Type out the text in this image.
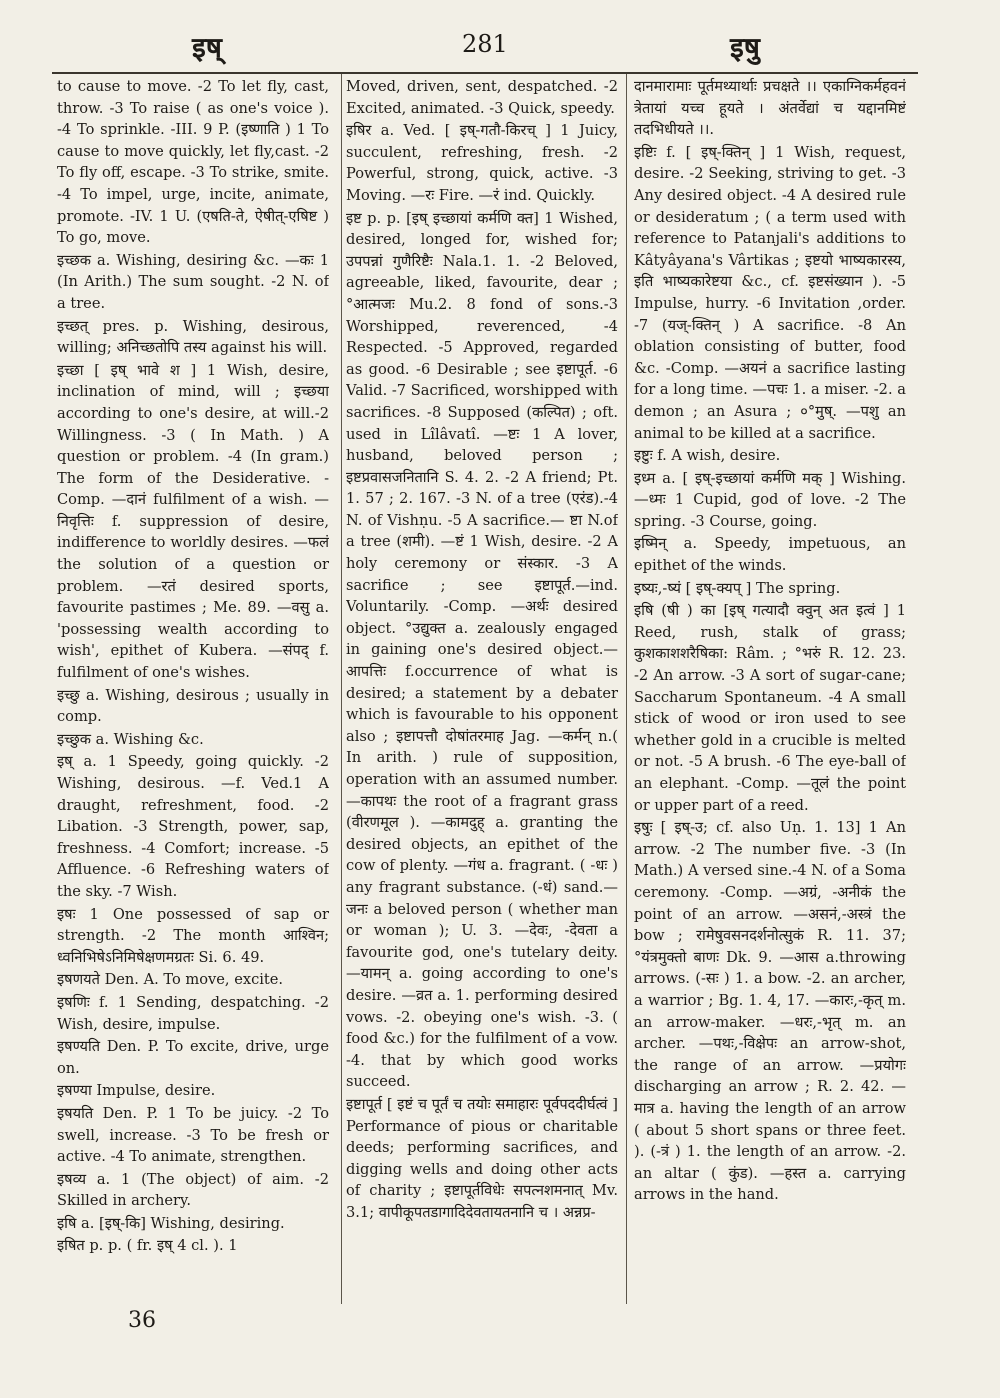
इष्	281	इषु

to cause to move. -2 To let fly, cast, throw. -3 To raise ( as one's voice ). -4 To sprinkle. -III. 9 P. (इष्णाति ) 1 To cause to move quickly, let fly,cast. -2 To fly off, escape. -3 To strike, smite. -4 To impel, urge, incite, animate, promote. -IV. 1 U. (एषति-ते, ऐषीत्-एषिष्ट ) To go, move.

इच्छक a. Wishing, desiring &c. —कः 1 (In Arith.) The sum sought. -2 N. of a tree.

इच्छत् pres. p. Wishing, desirous, willing; अनिच्छतोपि तस्य against his will.

इच्छा [ इष् भावे श ] 1 Wish, desire, inclination of mind, will ; इच्छया according to one's desire, at will.-2 Willingness. -3 ( In Math. ) A question or problem. -4 (In gram.) The form of the Desiderative. -Comp. —दानं fulfilment of a wish. —निवृत्तिः f. suppression of desire, indifference to worldly desires. —फलं the solution of a question or problem. —रतं desired sports, favourite pastimes ; Me. 89. —वसु a. 'possessing wealth according to wish', epithet of Kubera. —संपद् f. fulfilment of one's wishes.

इच्छु a. Wishing, desirous ; usually in comp.

इच्छुक a. Wishing &c.

इष् a. 1 Speedy, going quickly. -2 Wishing, desirous. —f. Ved.1 A draught, refreshment, food. -2 Libation. -3 Strength, power, sap, freshness. -4 Comfort; increase. -5 Affluence. -6 Refreshing waters of the sky. -7 Wish.

इषः 1 One possessed of sap or strength. -2 The month आश्विन; ध्वनिभिषेऽनिमिषेक्षणमग्रतः Si. 6. 49.

इषणयते Den. A. To move, excite.

इषणिः f. 1 Sending, despatching. -2 Wish, desire, impulse.

इषण्यति Den. P. To excite, drive, urge on.

इषण्या Impulse, desire.

इषयति Den. P. 1 To be juicy. -2 To swell, increase. -3 To be fresh or active. -4 To animate, strengthen.

इषव्य a. 1 (The object) of aim. -2 Skilled in archery.

इषि a. [इष्-कि] Wishing, desiring.

इषित p. p. ( fr. इष् 4 cl. ). 1

Moved, driven, sent, despatched. -2 Excited, animated. -3 Quick, speedy.

इषिर a. Ved. [ इष्-गतौ-किरच् ] 1 Juicy, succulent, refreshing, fresh. -2 Powerful, strong, quick, active. -3 Moving. —रः Fire. —रं ind. Quickly.

इष्ट p. p. [इष् इच्छायां कर्मणि क्त] 1 Wished, desired, longed for, wished for; उपपन्नां गुणैरिष्टैः Nala.1. 1. -2 Beloved, agreeable, liked, favourite, dear ; °आत्मजः Mu.2. 8 fond of sons.-3 Worshipped, reverenced, -4 Respected. -5 Approved, regarded as good. -6 Desirable ; see इष्टापूर्त. -6 Valid. -7 Sacrificed, worshipped with sacrifices. -8 Supposed (कल्पित) ; oft. used in Lîlâvatî. —ष्टः 1 A lover, husband, beloved person ; इष्टप्रवासजनितानि S. 4. 2. -2 A friend; Pt. 1. 57 ; 2. 167. -3 N. of a tree (एरंड).-4 N. of Vishṇu. -5 A sacrifice.— ष्टा N.of a tree (शमी). —ष्टं 1 Wish, desire. -2 A holy ceremony or संस्कार. -3 A sacrifice ; see इष्टापूर्त.—ind. Voluntarily. -Comp. —अर्थः desired object. °उद्युक्त a. zealously engaged in gaining one's desired object.—आपत्तिः f.occurrence of what is desired; a statement by a debater which is favourable to his opponent also ; इष्टापत्तौ दोषांतरमाह Jag. —कर्मन् n.( In arith. ) rule of supposition, operation with an assumed number. —कापथः the root of a fragrant grass (वीरणमूल ). —कामदुह् a. granting the desired objects, an epithet of the cow of plenty. —गंध a. fragrant. ( -धः ) any fragrant substance. (-धं) sand.—जनः a beloved person ( whether man or woman ); U. 3. —देवः, -देवता a favourite god, one's tutelary deity. —यामन् a. going according to one's desire. —व्रत a. 1. performing desired vows. -2. obeying one's wish. -3. ( food &c.) for the fulfilment of a vow. -4. that by which good works succeed.

इष्टापूर्त [ इष्टं च पूर्तं च तयोः समाहारः पूर्वपददीर्घत्वं ] Performance of pious or charitable deeds; performing sacrifices, and digging wells and doing other acts of charity ; इष्टापूर्तविधेः सपत्नशमनात् Mv. 3.1; वापीकूपतडागादिदेवतायतनानि च । अन्नप्र-

दानमारामाः पूर्तमथ्यार्थाः प्रचक्षते ।। एकाग्निकर्महवनं त्रेतायां यच्च हूयते । अंतर्वेद्यां च यद्दानमिष्टं तदभिधीयते ।।.

इष्टिः f. [ इष्-क्तिन् ] 1 Wish, request, desire. -2 Seeking, striving to get. -3 Any desired object. -4 A desired rule or desideratum ; ( a term used with reference to Patanjali's additions to Kâtyâyana's Vârtikas ; इष्टयो भाष्यकारस्य, इति भाष्यकारेष्टया &c., cf. इष्टसंख्यान ). -5 Impulse, hurry. -6 Invitation ,order. -7 (यज्-क्तिन् ) A sacrifice. -8 An oblation consisting of butter, food &c. -Comp. —अयनं a sacrifice lasting for a long time. —पचः 1. a miser. -2. a demon ; an Asura ; ०°मुष्. —पशु an animal to be killed at a sacrifice.

इष्टुः f. A wish, desire.

इध्म a. [ इष्-इच्छायां कर्मणि मक् ] Wishing. —ध्मः 1 Cupid, god of love. -2 The spring. -3 Course, going.

इष्मिन् a. Speedy, impetuous, an epithet of the winds.

इष्यः,-ष्यं [ इष्-क्यप् ] The spring.

इषि (षी ) का [इष् गत्यादौ क्वुन् अत इत्वं ] 1 Reed, rush, stalk of grass; कुशकाशशरैषिका: Râm. ; °भरुं R. 12. 23. -2 An arrow. -3 A sort of sugar-cane; Saccharum Spontaneum. -4 A small stick of wood or iron used to see whether gold in a crucible is melted or not. -5 A brush. -6 The eye-ball of an elephant. -Comp. —तूलं the point or upper part of a reed.

इषुः [ इष्-उ; cf. also Uṇ. 1. 13] 1 An arrow. -2 The number five. -3 (In Math.) A versed sine.-4 N. of a Soma ceremony. -Comp. —अग्रं, -अनीकं the point of an arrow. —असनं,-अस्त्रं the bow ; रामेषुवसनदर्शनोत्सुकं R. 11. 37; °यंत्रमुक्तो बाणः Dk. 9. —आस a.throwing arrows. (-सः ) 1. a bow. -2. an archer, a warrior ; Bg. 1. 4, 17. —कारः,-कृत् m. an arrow-maker. —धरः,-भृत् m. an archer. —पथः,-विक्षेपः an arrow-shot, the range of an arrow. —प्रयोगः discharging an arrow ; R. 2. 42. —मात्र a. having the length of an arrow ( about 5 short spans or three feet. ). (-त्रं ) 1. the length of an arrow. -2. an altar ( कुंड). —हस्त a. carrying arrows in the hand.

36
